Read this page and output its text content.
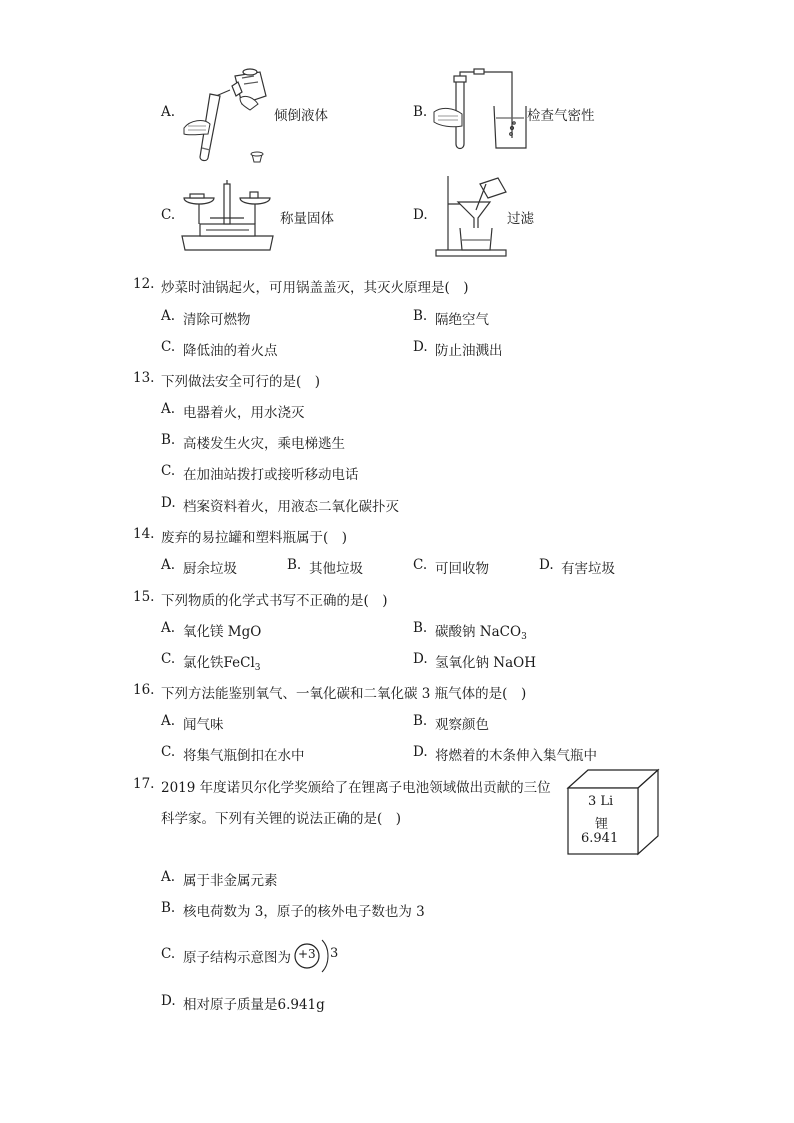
A.	倾倒液体	B.	检查气密性
C.	称量固体	D.	过滤
12. 炒菜时油锅起火，可用锅盖盖灭，其灭火原理是(　)
A. 清除可燃物	B. 隔绝空气
C. 降低油的着火点	D. 防止油溅出
13. 下列做法安全可行的是(　)
A. 电器着火，用水浇灭
B. 高楼发生火灾，乘电梯逃生
C. 在加油站拨打或接听移动电话
D. 档案资料着火，用液态二氧化碳扑灭
14. 废弃的易拉罐和塑料瓶属于(　)
A. 厨余垃圾	B. 其他垃圾	C. 可回收物	D. 有害垃圾
15. 下列物质的化学式书写不正确的是(　)
A. 氧化镁 MgO	B. 碳酸钠 NaCO$_3$
C. 氯化铁FeCl$_3$
D. 氢氧化钠 NaOH
16. 下列方法能鉴别氧气、一氧化碳和二氧化碳 3 瓶气体的是(　)
A. 闻气味	B. 观察颜色
C. 将集气瓶倒扣在水中	D. 将燃着的木条伸入集气瓶中
17. 2019 年度诺贝尔化学奖颁给了在锂离子电池领域做出贡献的三位
科学家。下列有关锂的说法正确的是(　)
3 Li
锂
6.941
A. 属于非金属元素
B. 核电荷数为 3，原子的核外电子数也为 3
C. 原子结构示意图为 +3 3
D. 相对原子质量是6.941g
